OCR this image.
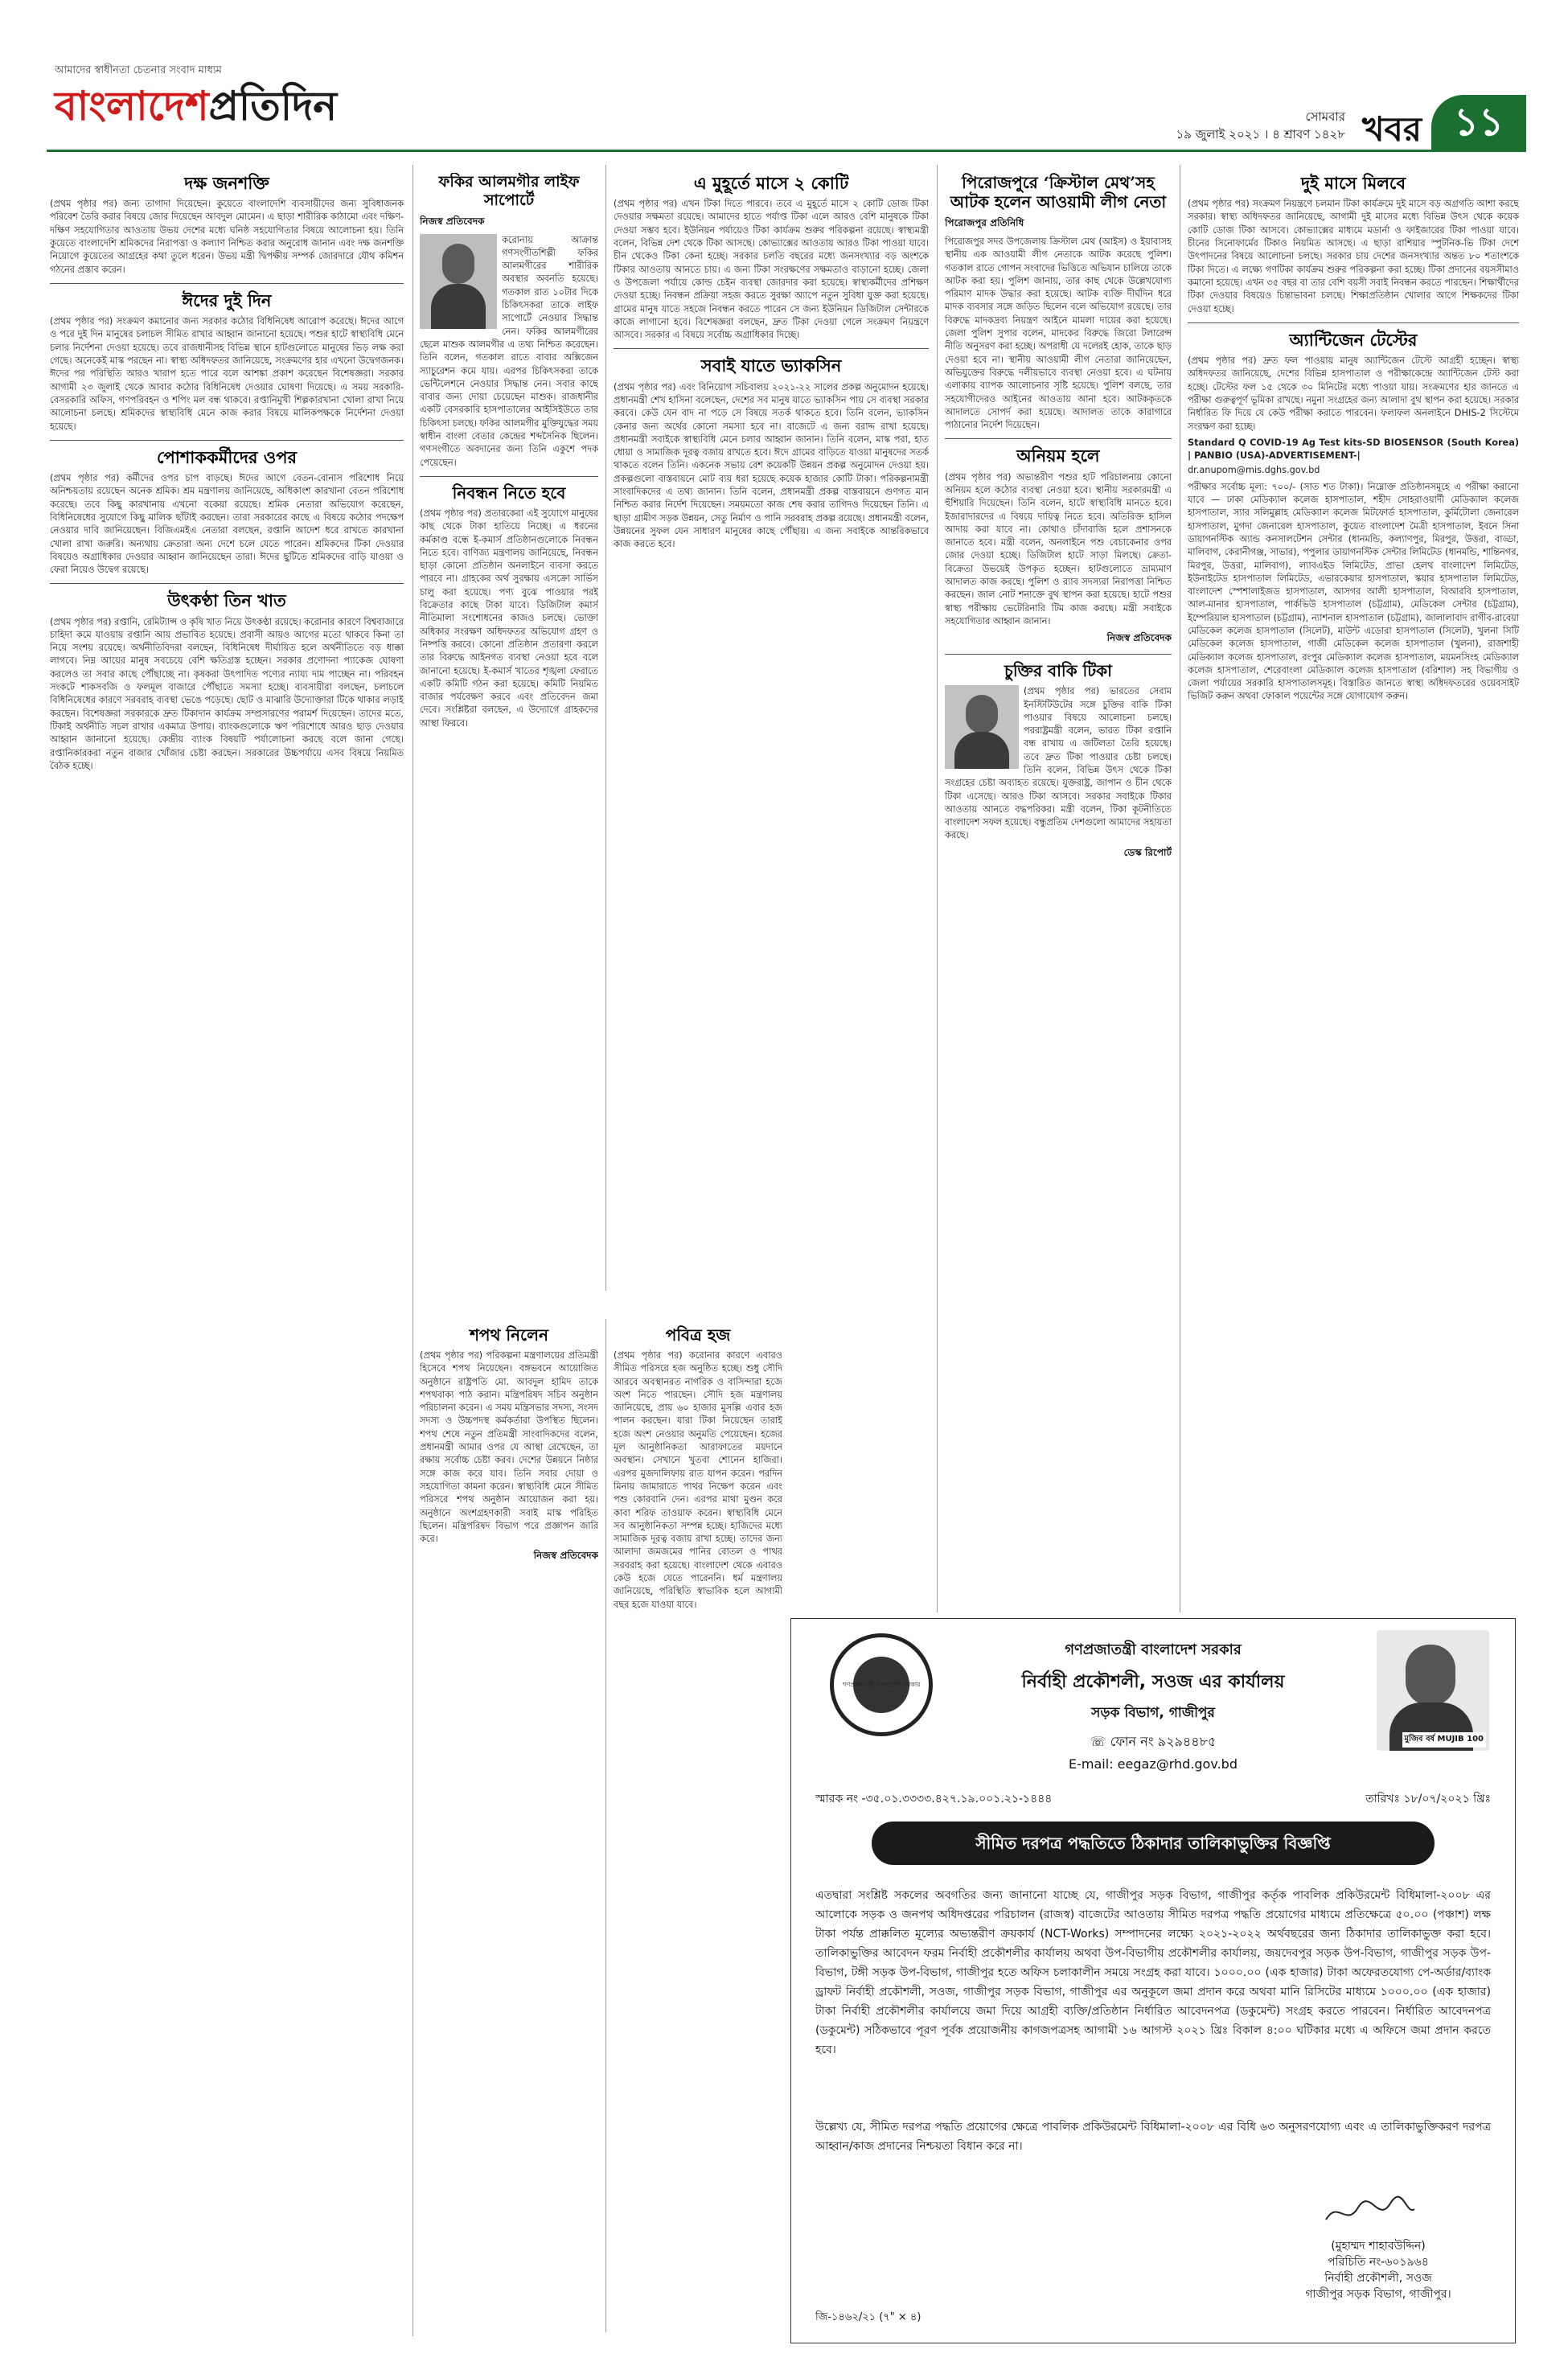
আমাদের স্বাধীনতা চেতনার সংবাদ মাধ্যম
বাংলাদেশপ্রতিদিন	সোমবার
১৯ জুলাই ২০২১ । ৪ শ্রাবণ ১৪২৮ খবর ১১
দক্ষ জনশক্তি

(প্রথম পৃষ্ঠার পর) জন্য তাগাদা দিয়েছেন। কুয়েতে বাংলাদেশি ব্যবসায়ীদের জন্য সুবিধাজনক পরিবেশ তৈরি করার বিষয়ে জোর দিয়েছেন আবদুল মোমেন। এ ছাড়া শারীরিক কাঠামো এবং দক্ষিণ-দক্ষিণ সহযোগিতার আওতায় উভয় দেশের মধ্যে ঘনিষ্ঠ সহযোগিতার বিষয়ে আলোচনা হয়। তিনি কুয়েতে বাংলাদেশি শ্রমিকদের নিরাপত্তা ও কল্যাণ নিশ্চিত করার অনুরোধ জানান এবং দক্ষ জনশক্তি নিয়োগে কুয়েতের আগ্রহের কথা তুলে ধরেন। উভয় মন্ত্রী দ্বিপক্ষীয় সম্পর্ক জোরদারে যৌথ কমিশন গঠনের প্রস্তাব করেন।

ঈদের দুই দিন

(প্রথম পৃষ্ঠার পর) সংক্রমণ কমানোর জন্য সরকার কঠোর বিধিনিষেধ আরোপ করেছে। ঈদের আগে ও পরে দুই দিন মানুষের চলাচল সীমিত রাখার আহ্বান জানানো হয়েছে। পশুর হাটে স্বাস্থ্যবিধি মেনে চলার নির্দেশনা দেওয়া হয়েছে। তবে রাজধানীসহ বিভিন্ন স্থানে হাটগুলোতে মানুষের ভিড় লক্ষ করা গেছে। অনেকেই মাস্ক পরছেন না। স্বাস্থ্য অধিদফতর জানিয়েছে, সংক্রমণের হার এখনো উদ্বেগজনক। ঈদের পর পরিস্থিতি আরও খারাপ হতে পারে বলে আশঙ্কা প্রকাশ করেছেন বিশেষজ্ঞরা। সরকার আগামী ২৩ জুলাই থেকে আবার কঠোর বিধিনিষেধ দেওয়ার ঘোষণা দিয়েছে। এ সময় সরকারি-বেসরকারি অফিস, গণপরিবহন ও শপিং মল বন্ধ থাকবে। রপ্তানিমুখী শিল্পকারখানা খোলা রাখা নিয়ে আলোচনা চলছে। শ্রমিকদের স্বাস্থ্যবিধি মেনে কাজ করার বিষয়ে মালিকপক্ষকে নির্দেশনা দেওয়া হয়েছে।

পোশাককর্মীদের ওপর

(প্রথম পৃষ্ঠার পর) কর্মীদের ওপর চাপ বাড়ছে। ঈদের আগে বেতন-বোনাস পরিশোধ নিয়ে অনিশ্চয়তায় রয়েছেন অনেক শ্রমিক। শ্রম মন্ত্রণালয় জানিয়েছে, অধিকাংশ কারখানা বেতন পরিশোধ করেছে। তবে কিছু কারখানায় এখনো বকেয়া রয়েছে। শ্রমিক নেতারা অভিযোগ করেছেন, বিধিনিষেধের সুযোগে কিছু মালিক ছাঁটাই করছেন। তারা সরকারের কাছে এ বিষয়ে কঠোর পদক্ষেপ নেওয়ার দাবি জানিয়েছেন। বিজিএমইএ নেতারা বলছেন, রপ্তানি আদেশ ধরে রাখতে কারখানা খোলা রাখা জরুরি। অন্যথায় ক্রেতারা অন্য দেশে চলে যেতে পারেন। শ্রমিকদের টিকা দেওয়ার বিষয়েও অগ্রাধিকার দেওয়ার আহ্বান জানিয়েছেন তারা। ঈদের ছুটিতে শ্রমিকদের বাড়ি যাওয়া ও ফেরা নিয়েও উদ্বেগ রয়েছে।

উৎকণ্ঠা তিন খাত

(প্রথম পৃষ্ঠার পর) রপ্তানি, রেমিট্যান্স ও কৃষি খাত নিয়ে উৎকণ্ঠা রয়েছে। করোনার কারণে বিশ্ববাজারে চাহিদা কমে যাওয়ায় রপ্তানি আয় প্রভাবিত হয়েছে। প্রবাসী আয়ও আগের মতো থাকবে কিনা তা নিয়ে সংশয় রয়েছে। অর্থনীতিবিদরা বলছেন, বিধিনিষেধ দীর্ঘায়িত হলে অর্থনীতিতে বড় ধাক্কা লাগবে। নিম্ন আয়ের মানুষ সবচেয়ে বেশি ক্ষতিগ্রস্ত হচ্ছেন। সরকার প্রণোদনা প্যাকেজ ঘোষণা করলেও তা সবার কাছে পৌঁছাচ্ছে না। কৃষকরা উৎপাদিত পণ্যের ন্যায্য দাম পাচ্ছেন না। পরিবহন সংকটে শাকসবজি ও ফলমূল বাজারে পৌঁছাতে সমস্যা হচ্ছে। ব্যবসায়ীরা বলছেন, চলাচলে বিধিনিষেধের কারণে সরবরাহ ব্যবস্থা ভেঙে পড়েছে। ছোট ও মাঝারি উদ্যোক্তারা টিকে থাকার লড়াই করছেন। বিশেষজ্ঞরা সরকারকে দ্রুত টিকাদান কার্যক্রম সম্প্রসারণের পরামর্শ দিয়েছেন। তাদের মতে, টিকাই অর্থনীতি সচল রাখার একমাত্র উপায়। ব্যাংকগুলোকে ঋণ পরিশোধে আরও ছাড় দেওয়ার আহ্বান জানানো হয়েছে। কেন্দ্রীয় ব্যাংক বিষয়টি পর্যালোচনা করছে বলে জানা গেছে। রপ্তানিকারকরা নতুন বাজার খোঁজার চেষ্টা করছেন। সরকারের উচ্চপর্যায়ে এসব বিষয়ে নিয়মিত বৈঠক হচ্ছে।

ফকির আলমগীর লাইফ সাপোর্টে
নিজস্ব প্রতিবেদক

করোনায় আক্রান্ত গণসংগীতশিল্পী ফকির আলমগীরের শারীরিক অবস্থার অবনতি হয়েছে। গতকাল রাত ১০টার দিকে চিকিৎসকরা তাকে লাইফ সাপোর্টে নেওয়ার সিদ্ধান্ত নেন। ফকির আলমগীরের ছেলে মাশুক আলমগীর এ তথ্য নিশ্চিত করেছেন। তিনি বলেন, গতকাল রাতে বাবার অক্সিজেন স্যাচুরেশন কমে যায়। এরপর চিকিৎসকরা তাকে ভেন্টিলেশনে নেওয়ার সিদ্ধান্ত নেন। সবার কাছে বাবার জন্য দোয়া চেয়েছেন মাশুক। রাজধানীর একটি বেসরকারি হাসপাতালের আইসিইউতে তার চিকিৎসা চলছে। ফকির আলমগীর মুক্তিযুদ্ধের সময় স্বাধীন বাংলা বেতার কেন্দ্রের শব্দসৈনিক ছিলেন। গণসংগীতে অবদানের জন্য তিনি একুশে পদক পেয়েছেন।

নিবন্ধন নিতে হবে

(প্রথম পৃষ্ঠার পর) প্রতারকেরা এই সুযোগে মানুষের কাছ থেকে টাকা হাতিয়ে নিচ্ছে। এ ধরনের কর্মকাণ্ড বন্ধে ই-কমার্স প্রতিষ্ঠানগুলোকে নিবন্ধন নিতে হবে। বাণিজ্য মন্ত্রণালয় জানিয়েছে, নিবন্ধন ছাড়া কোনো প্রতিষ্ঠান অনলাইনে ব্যবসা করতে পারবে না। গ্রাহকের অর্থ সুরক্ষায় এসক্রো সার্ভিস চালু করা হয়েছে। পণ্য বুঝে পাওয়ার পরই বিক্রেতার কাছে টাকা যাবে। ডিজিটাল কমার্স নীতিমালা সংশোধনের কাজও চলছে। ভোক্তা অধিকার সংরক্ষণ অধিদফতর অভিযোগ গ্রহণ ও নিষ্পত্তি করবে। কোনো প্রতিষ্ঠান প্রতারণা করলে তার বিরুদ্ধে আইনগত ব্যবস্থা নেওয়া হবে বলে জানানো হয়েছে। ই-কমার্স খাতের শৃঙ্খলা ফেরাতে একটি কমিটি গঠন করা হয়েছে। কমিটি নিয়মিত বাজার পর্যবেক্ষণ করবে এবং প্রতিবেদন জমা দেবে। সংশ্লিষ্টরা বলছেন, এ উদ্যোগে গ্রাহকদের আস্থা ফিরবে।

এ মুহূর্তে মাসে ২ কোটি

(প্রথম পৃষ্ঠার পর) এখন টিকা দিতে পারবে। তবে এ মুহূর্তে মাসে ২ কোটি ডোজ টিকা দেওয়ার সক্ষমতা রয়েছে। আমাদের হাতে পর্যাপ্ত টিকা এলে আরও বেশি মানুষকে টিকা দেওয়া সম্ভব হবে। ইউনিয়ন পর্যায়েও টিকা কার্যক্রম শুরুর পরিকল্পনা রয়েছে। স্বাস্থ্যমন্ত্রী বলেন, বিভিন্ন দেশ থেকে টিকা আসছে। কোভ্যাক্সের আওতায় আরও টিকা পাওয়া যাবে। চীন থেকেও টিকা কেনা হচ্ছে। সরকার চলতি বছরের মধ্যে জনসংখ্যার বড় অংশকে টিকার আওতায় আনতে চায়। এ জন্য টিকা সংরক্ষণের সক্ষমতাও বাড়ানো হচ্ছে। জেলা ও উপজেলা পর্যায়ে কোল্ড চেইন ব্যবস্থা জোরদার করা হয়েছে। স্বাস্থ্যকর্মীদের প্রশিক্ষণ দেওয়া হচ্ছে। নিবন্ধন প্রক্রিয়া সহজ করতে সুরক্ষা অ্যাপে নতুন সুবিধা যুক্ত করা হয়েছে। গ্রামের মানুষ যাতে সহজে নিবন্ধন করতে পারেন সে জন্য ইউনিয়ন ডিজিটাল সেন্টারকে কাজে লাগানো হবে। বিশেষজ্ঞরা বলছেন, দ্রুত টিকা দেওয়া গেলে সংক্রমণ নিয়ন্ত্রণে আসবে। সরকার এ বিষয়ে সর্বোচ্চ অগ্রাধিকার দিচ্ছে।

সবাই যাতে ভ্যাকসিন

(প্রথম পৃষ্ঠার পর) এবং বিনিয়োগ সচিবালয় ২০২১-২২ সালের প্রকল্প অনুমোদন হয়েছে। প্রধানমন্ত্রী শেখ হাসিনা বলেছেন, দেশের সব মানুষ যাতে ভ্যাকসিন পায় সে ব্যবস্থা সরকার করবে। কেউ যেন বাদ না পড়ে সে বিষয়ে সতর্ক থাকতে হবে। তিনি বলেন, ভ্যাকসিন কেনার জন্য অর্থের কোনো সমস্যা হবে না। বাজেটে এ জন্য বরাদ্দ রাখা হয়েছে। প্রধানমন্ত্রী সবাইকে স্বাস্থ্যবিধি মেনে চলার আহ্বান জানান। তিনি বলেন, মাস্ক পরা, হাত ধোয়া ও সামাজিক দূরত্ব বজায় রাখতে হবে। ঈদে গ্রামের বাড়িতে যাওয়া মানুষদের সতর্ক থাকতে বলেন তিনি। একনেক সভায় বেশ কয়েকটি উন্নয়ন প্রকল্প অনুমোদন দেওয়া হয়। প্রকল্পগুলো বাস্তবায়নে মোট ব্যয় ধরা হয়েছে কয়েক হাজার কোটি টাকা। পরিকল্পনামন্ত্রী সাংবাদিকদের এ তথ্য জানান। তিনি বলেন, প্রধানমন্ত্রী প্রকল্প বাস্তবায়নে গুণগত মান নিশ্চিত করার নির্দেশ দিয়েছেন। সময়মতো কাজ শেষ করার তাগিদও দিয়েছেন তিনি। এ ছাড়া গ্রামীণ সড়ক উন্নয়ন, সেতু নির্মাণ ও পানি সরবরাহ প্রকল্প রয়েছে। প্রধানমন্ত্রী বলেন, উন্নয়নের সুফল যেন সাধারণ মানুষের কাছে পৌঁছায়। এ জন্য সবাইকে আন্তরিকভাবে কাজ করতে হবে।

শপথ নিলেন

(প্রথম পৃষ্ঠার পর) পরিকল্পনা মন্ত্রণালয়ের প্রতিমন্ত্রী হিসেবে শপথ নিয়েছেন। বঙ্গভবনে আয়োজিত অনুষ্ঠানে রাষ্ট্রপতি মো. আবদুল হামিদ তাকে শপথবাক্য পাঠ করান। মন্ত্রিপরিষদ সচিব অনুষ্ঠান পরিচালনা করেন। এ সময় মন্ত্রিসভার সদস্য, সংসদ সদস্য ও উচ্চপদস্থ কর্মকর্তারা উপস্থিত ছিলেন। শপথ শেষে নতুন প্রতিমন্ত্রী সাংবাদিকদের বলেন, প্রধানমন্ত্রী আমার ওপর যে আস্থা রেখেছেন, তা রক্ষায় সর্বোচ্চ চেষ্টা করব। দেশের উন্নয়নে নিষ্ঠার সঙ্গে কাজ করে যাব। তিনি সবার দোয়া ও সহযোগিতা কামনা করেন। স্বাস্থ্যবিধি মেনে সীমিত পরিসরে শপথ অনুষ্ঠান আয়োজন করা হয়। অনুষ্ঠানে অংশগ্রহণকারী সবাই মাস্ক পরিহিত ছিলেন। মন্ত্রিপরিষদ বিভাগ পরে প্রজ্ঞাপন জারি করে।

নিজস্ব প্রতিবেদক
পবিত্র হজ

(প্রথম পৃষ্ঠার পর) করোনার কারণে এবারও সীমিত পরিসরে হজ অনুষ্ঠিত হচ্ছে। শুধু সৌদি আরবে অবস্থানরত নাগরিক ও বাসিন্দারা হজে অংশ নিতে পারছেন। সৌদি হজ মন্ত্রণালয় জানিয়েছে, প্রায় ৬০ হাজার মুসল্লি এবার হজ পালন করছেন। যারা টিকা নিয়েছেন তারাই হজে অংশ নেওয়ার অনুমতি পেয়েছেন। হজের মূল আনুষ্ঠানিকতা আরাফাতের ময়দানে অবস্থান। সেখানে খুতবা শোনেন হাজিরা। এরপর মুজদালিফায় রাত যাপন করেন। পরদিন মিনায় জামারাতে পাথর নিক্ষেপ করেন এবং পশু কোরবানি দেন। এরপর মাথা মুণ্ডন করে কাবা শরিফ তাওয়াফ করেন। স্বাস্থ্যবিধি মেনে সব আনুষ্ঠানিকতা সম্পন্ন হচ্ছে। হাজিদের মধ্যে সামাজিক দূরত্ব বজায় রাখা হচ্ছে। তাদের জন্য আলাদা জমজমের পানির বোতল ও পাথর সরবরাহ করা হয়েছে। বাংলাদেশ থেকে এবারও কেউ হজে যেতে পারেননি। ধর্ম মন্ত্রণালয় জানিয়েছে, পরিস্থিতি স্বাভাবিক হলে আগামী বছর হজে যাওয়া যাবে।

পিরোজপুরে ‘ক্রিস্টাল মেথ’সহ আটক হলেন আওয়ামী লীগ নেতা
পিরোজপুর প্রতিনিধি

পিরোজপুর সদর উপজেলায় ক্রিস্টাল মেথ (আইস) ও ইয়াবাসহ স্থানীয় এক আওয়ামী লীগ নেতাকে আটক করেছে পুলিশ। গতকাল রাতে গোপন সংবাদের ভিত্তিতে অভিযান চালিয়ে তাকে আটক করা হয়। পুলিশ জানায়, তার কাছ থেকে উল্লেখযোগ্য পরিমাণ মাদক উদ্ধার করা হয়েছে। আটক ব্যক্তি দীর্ঘদিন ধরে মাদক ব্যবসার সঙ্গে জড়িত ছিলেন বলে অভিযোগ রয়েছে। তার বিরুদ্ধে মাদকদ্রব্য নিয়ন্ত্রণ আইনে মামলা দায়ের করা হয়েছে। জেলা পুলিশ সুপার বলেন, মাদকের বিরুদ্ধে জিরো টলারেন্স নীতি অনুসরণ করা হচ্ছে। অপরাধী যে দলেরই হোক, তাকে ছাড় দেওয়া হবে না। স্থানীয় আওয়ামী লীগ নেতারা জানিয়েছেন, অভিযুক্তের বিরুদ্ধে দলীয়ভাবে ব্যবস্থা নেওয়া হবে। এ ঘটনায় এলাকায় ব্যাপক আলোচনার সৃষ্টি হয়েছে। পুলিশ বলছে, তার সহযোগীদেরও আইনের আওতায় আনা হবে। আটককৃতকে আদালতে সোপর্দ করা হয়েছে। আদালত তাকে কারাগারে পাঠানোর নির্দেশ দিয়েছেন।

অনিয়ম হলে

(প্রথম পৃষ্ঠার পর) অভ্যন্তরীণ পশুর হাট পরিচালনায় কোনো অনিয়ম হলে কঠোর ব্যবস্থা নেওয়া হবে। স্থানীয় সরকারমন্ত্রী এ হুঁশিয়ারি দিয়েছেন। তিনি বলেন, হাটে স্বাস্থ্যবিধি মানতে হবে। ইজারাদারদের এ বিষয়ে দায়িত্ব নিতে হবে। অতিরিক্ত হাসিল আদায় করা যাবে না। কোথাও চাঁদাবাজি হলে প্রশাসনকে জানাতে হবে। মন্ত্রী বলেন, অনলাইনে পশু বেচাকেনার ওপর জোর দেওয়া হচ্ছে। ডিজিটাল হাটে সাড়া মিলছে। ক্রেতা-বিক্রেতা উভয়েই উপকৃত হচ্ছেন। হাটগুলোতে ভ্রাম্যমাণ আদালত কাজ করছে। পুলিশ ও র‍্যাব সদস্যরা নিরাপত্তা নিশ্চিত করছেন। জাল নোট শনাক্তে বুথ স্থাপন করা হয়েছে। হাটে পশুর স্বাস্থ্য পরীক্ষায় ভেটেরিনারি টিম কাজ করছে। মন্ত্রী সবাইকে সহযোগিতার আহ্বান জানান।

নিজস্ব প্রতিবেদক
চুক্তির বাকি টিকা

(প্রথম পৃষ্ঠার পর) ভারতের সেরাম ইনস্টিটিউটের সঙ্গে চুক্তির বাকি টিকা পাওয়ার বিষয়ে আলোচনা চলছে। পররাষ্ট্রমন্ত্রী বলেন, ভারত টিকা রপ্তানি বন্ধ রাখায় এ জটিলতা তৈরি হয়েছে। তবে দ্রুত টিকা পাওয়ার চেষ্টা চলছে। তিনি বলেন, বিভিন্ন উৎস থেকে টিকা সংগ্রহের চেষ্টা অব্যাহত রয়েছে। যুক্তরাষ্ট্র, জাপান ও চীন থেকে টিকা এসেছে। আরও টিকা আসবে। সরকার সবাইকে টিকার আওতায় আনতে বদ্ধপরিকর। মন্ত্রী বলেন, টিকা কূটনীতিতে বাংলাদেশ সফল হয়েছে। বন্ধুপ্রতিম দেশগুলো আমাদের সহায়তা করছে।

ডেস্ক রিপোর্ট
দুই মাসে মিলবে

(প্রথম পৃষ্ঠার পর) সংক্রমণ নিয়ন্ত্রণে চলমান টিকা কার্যক্রমে দুই মাসে বড় অগ্রগতি আশা করছে সরকার। স্বাস্থ্য অধিদফতর জানিয়েছে, আগামী দুই মাসের মধ্যে বিভিন্ন উৎস থেকে কয়েক কোটি ডোজ টিকা আসবে। কোভ্যাক্সের মাধ্যমে মডার্না ও ফাইজারের টিকা পাওয়া যাবে। চীনের সিনোফার্মের টিকাও নিয়মিত আসছে। এ ছাড়া রাশিয়ার স্পুটনিক-ভি টিকা দেশে উৎপাদনের বিষয়ে আলোচনা চলছে। সরকার চায় দেশের জনসংখ্যার অন্তত ৮০ শতাংশকে টিকা দিতে। এ লক্ষ্যে গণটিকা কার্যক্রম শুরুর পরিকল্পনা করা হচ্ছে। টিকা প্রদানের বয়সসীমাও কমানো হয়েছে। এখন ৩৫ বছর বা তার বেশি বয়সী সবাই নিবন্ধন করতে পারছেন। শিক্ষার্থীদের টিকা দেওয়ার বিষয়েও চিন্তাভাবনা চলছে। শিক্ষাপ্রতিষ্ঠান খোলার আগে শিক্ষকদের টিকা দেওয়া হচ্ছে।

অ্যান্টিজেন টেস্টের

(প্রথম পৃষ্ঠার পর) দ্রুত ফল পাওয়ায় মানুষ অ্যান্টিজেন টেস্টে আগ্রহী হচ্ছেন। স্বাস্থ্য অধিদফতর জানিয়েছে, দেশের বিভিন্ন হাসপাতাল ও পরীক্ষাকেন্দ্রে অ্যান্টিজেন টেস্ট করা হচ্ছে। টেস্টের ফল ১৫ থেকে ৩০ মিনিটের মধ্যে পাওয়া যায়। সংক্রমণের হার জানতে এ পরীক্ষা গুরুত্বপূর্ণ ভূমিকা রাখছে। নমুনা সংগ্রহের জন্য আলাদা বুথ স্থাপন করা হয়েছে। সরকার নির্ধারিত ফি দিয়ে যে কেউ পরীক্ষা করাতে পারবেন। ফলাফল অনলাইনে DHIS-2 সিস্টেমে সংরক্ষণ করা হচ্ছে।

Standard Q COVID-19 Ag Test kits-SD BIOSENSOR (South Korea) | PANBIO (USA)-ADVERTISEMENT-|

dr.anupom@mis.dghs.gov.bd

পরীক্ষার সর্বোচ্চ মূল্য: ৭০০/- (সাত শত টাকা)। নিম্নোক্ত প্রতিষ্ঠানসমূহে এ পরীক্ষা করানো যাবে — ঢাকা মেডিক্যাল কলেজ হাসপাতাল, শহীদ সোহরাওয়ার্দী মেডিক্যাল কলেজ হাসপাতাল, স্যার সলিমুল্লাহ মেডিক্যাল কলেজ মিটফোর্ড হাসপাতাল, কুর্মিটোলা জেনারেল হাসপাতাল, মুগদা জেনারেল হাসপাতাল, কুয়েত বাংলাদেশ মৈত্রী হাসপাতাল, ইবনে সিনা ডায়াগনস্টিক অ্যান্ড কনসালটেশন সেন্টার (ধানমন্ডি, কল্যাণপুর, মিরপুর, উত্তরা, বাড্ডা, মালিবাগ, কেরানীগঞ্জ, সাভার), পপুলার ডায়াগনস্টিক সেন্টার লিমিটেড (ধানমন্ডি, শান্তিনগর, মিরপুর, উত্তরা, মালিবাগ), ল্যাবএইড লিমিটেড, প্রাভা হেলথ বাংলাদেশ লিমিটেড, ইউনাইটেড হাসপাতাল লিমিটেড, এভারকেয়ার হাসপাতাল, স্কয়ার হাসপাতাল লিমিটেড, বাংলাদেশ স্পেশালাইজড হাসপাতাল, আসগর আলী হাসপাতাল, বিআরবি হাসপাতাল, আল-মানার হাসপাতাল, পার্কভিউ হাসপাতাল (চট্টগ্রাম), মেডিকেল সেন্টার (চট্টগ্রাম), ইম্পেরিয়াল হাসপাতাল (চট্টগ্রাম), ন্যাশনাল হাসপাতাল (চট্টগ্রাম), জালালাবাদ রাগীব-রাবেয়া মেডিকেল কলেজ হাসপাতাল (সিলেট), মাউন্ট এডোরা হাসপাতাল (সিলেট), খুলনা সিটি মেডিকেল কলেজ হাসপাতাল, গাজী মেডিকেল কলেজ হাসপাতাল (খুলনা), রাজশাহী মেডিক্যাল কলেজ হাসপাতাল, রংপুর মেডিক্যাল কলেজ হাসপাতাল, ময়মনসিংহ মেডিক্যাল কলেজ হাসপাতাল, শেরেবাংলা মেডিক্যাল কলেজ হাসপাতাল (বরিশাল) সহ বিভাগীয় ও জেলা পর্যায়ের সরকারি হাসপাতালসমূহ। বিস্তারিত জানতে স্বাস্থ্য অধিদফতরের ওয়েবসাইট ভিজিট করুন অথবা ফোকাল পয়েন্টের সঙ্গে যোগাযোগ করুন।

গণপ্রজাতন্ত্রী বাংলাদেশ সরকার
গণপ্রজাতন্ত্রী বাংলাদেশ সরকার
নির্বাহী প্রকৌশলী, সওজ এর কার্যালয়
সড়ক বিভাগ, গাজীপুর
☏ ফোন নং ৯২৯৪৪৮৫
E-mail: eegaz@rhd.gov.bd
মুজিব বর্ষ MUJIB 100
স্মারক নং -৩৫.০১.৩৩৩৩.৪২৭.১৯.০০১.২১-১৪৪৪	তারিখঃ ১৮/০৭/২০২১ খ্রিঃ
সীমিত দরপত্র পদ্ধতিতে ঠিকাদার তালিকাভুক্তির বিজ্ঞপ্তি
এতদ্বারা সংশ্লিষ্ট সকলের অবগতির জন্য জানানো যাচ্ছে যে, গাজীপুর সড়ক বিভাগ, গাজীপুর কর্তৃক পাবলিক প্রকিউরমেন্ট বিধিমালা-২০০৮ এর আলোকে সড়ক ও জনপথ অধিদপ্তরের পরিচালন (রাজস্ব) বাজেটের আওতায় সীমিত দরপত্র পদ্ধতি প্রয়োগের মাধ্যমে প্রতিক্ষেত্রে ৫০.০০ (পঞ্চাশ) লক্ষ টাকা পর্যন্ত প্রাক্কলিত মূল্যের অভ্যন্তরীণ ক্রয়কার্য (NCT-Works) সম্পাদনের লক্ষ্যে ২০২১-২০২২ অর্থবছরের জন্য ঠিকাদার তালিকাভুক্ত করা হবে। তালিকাভুক্তির আবেদন ফরম নির্বাহী প্রকৌশলীর কার্যালয় অথবা উপ-বিভাগীয় প্রকৌশলীর কার্যালয়, জয়দেবপুর সড়ক উপ-বিভাগ, গাজীপুর সড়ক উপ-বিভাগ, টঙ্গী সড়ক উপ-বিভাগ, গাজীপুর হতে অফিস চলাকালীন সময়ে সংগ্রহ করা যাবে। ১০০০.০০ (এক হাজার) টাকা অফেরতযোগ্য পে-অর্ডার/ব্যাংক ড্রাফট নির্বাহী প্রকৌশলী, সওজ, গাজীপুর সড়ক বিভাগ, গাজীপুর এর অনুকূলে জমা প্রদান করে অথবা মানি রিসিটের মাধ্যমে ১০০০.০০ (এক হাজার) টাকা নির্বাহী প্রকৌশলীর কার্যালয়ে জমা দিয়ে আগ্রহী ব্যক্তি/প্রতিষ্ঠান নির্ধারিত আবেদনপত্র (ডকুমেন্ট) সংগ্রহ করতে পারবেন। নির্ধারিত আবেদনপত্র (ডকুমেন্ট) সঠিকভাবে পূরণ পূর্বক প্রয়োজনীয় কাগজপত্রসহ আগামী ১৬ আগস্ট ২০২১ খ্রিঃ বিকাল ৪:০০ ঘটিকার মধ্যে এ অফিসে জমা প্রদান করতে হবে।
উল্লেখ্য যে, সীমিত দরপত্র পদ্ধতি প্রয়োগের ক্ষেত্রে পাবলিক প্রকিউরমেন্ট বিধিমালা-২০০৮ এর বিধি ৬৩ অনুসরণযোগ্য এবং এ তালিকাভুক্তিকরণ দরপত্র আহ্বান/কাজ প্রদানের নিশ্চয়তা বিধান করে না।
(মুহাম্মদ শাহাবউদ্দিন)
পরিচিতি নং-৬০১৯৬৪
নির্বাহী প্রকৌশলী, সওজ
গাজীপুর সড়ক বিভাগ, গাজীপুর।
জি-১৪৬২/২১ (৭" × ৪)
